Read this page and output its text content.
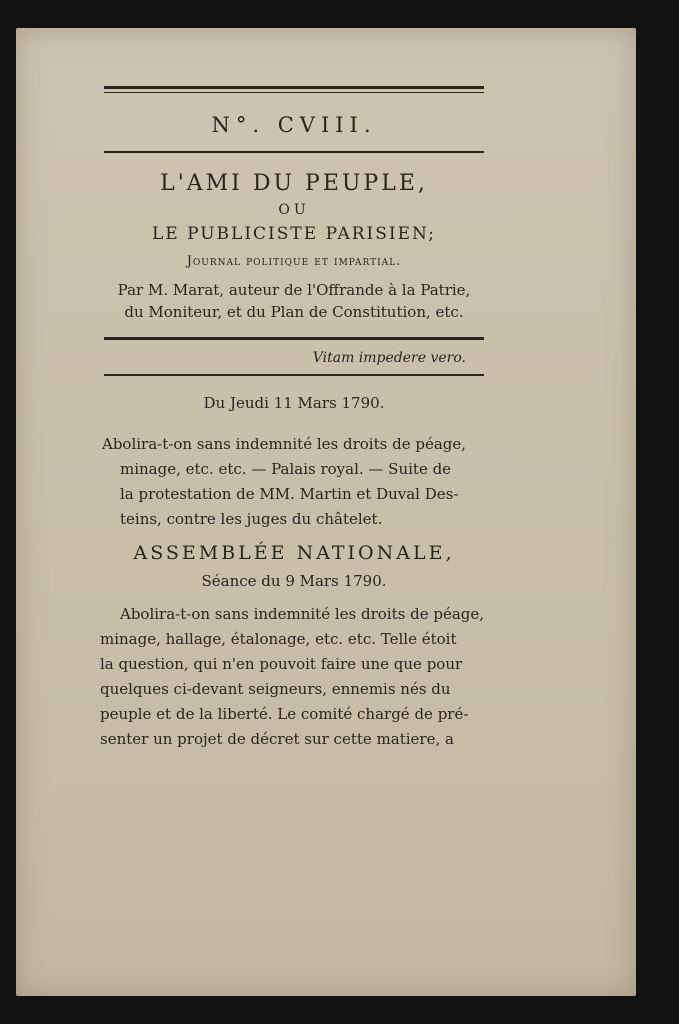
N°. CVIII.
L'AMI DU PEUPLE,
OU
LE PUBLICISTE PARISIEN;
Journal politique et impartial.
Par M. Marat, auteur de l'Offrande à la Patrie,
du Moniteur, et du Plan de Constitution, etc.
Vitam impedere vero.
Du Jeudi 11 Mars 1790.
Abolira-t-on sans indemnité les droits de péage,
minage, etc. etc. — Palais royal. — Suite de
la protestation de MM. Martin et Duval Des-
teins, contre les juges du châtelet.
ASSEMBLÉE NATIONALE,
Séance du 9 Mars 1790.
Abolira-t-on sans indemnité les droits de péage,
minage, hallage, étalonage, etc. etc. Telle étoit
la question, qui n'en pouvoit faire une que pour
quelques ci-devant seigneurs, ennemis nés du
peuple et de la liberté. Le comité chargé de pré-
senter un projet de décret sur cette matiere, a
